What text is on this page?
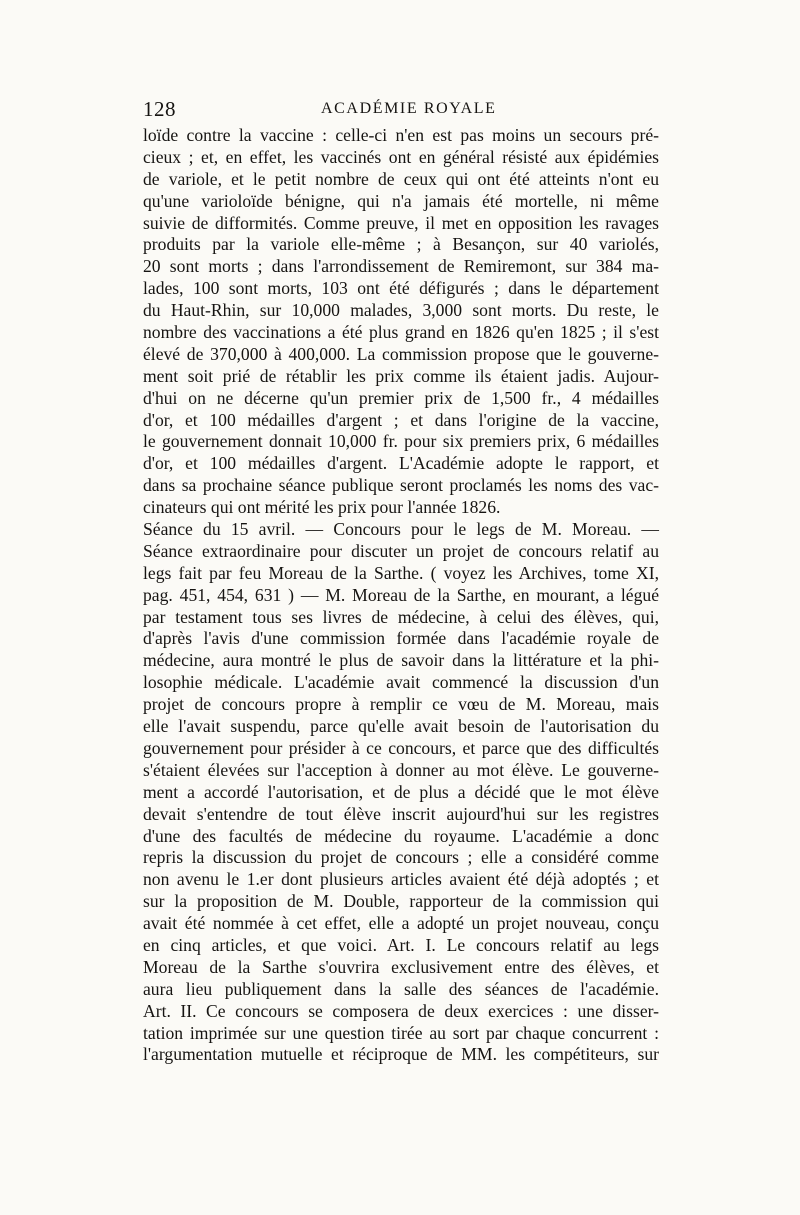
128	ACADÉMIE ROYALE
loïde contre la vaccine : celle-ci n'en est pas moins un secours pré-
cieux ; et, en effet, les vaccinés ont en général résisté aux épidémies
de variole, et le petit nombre de ceux qui ont été atteints n'ont eu
qu'une varioloïde bénigne, qui n'a jamais été mortelle, ni même
suivie de difformités. Comme preuve, il met en opposition les ravages
produits par la variole elle-même ; à Besançon, sur 40 variolés,
20 sont morts ; dans l'arrondissement de Remiremont, sur 384 ma-
lades, 100 sont morts, 103 ont été défigurés ; dans le département
du Haut-Rhin, sur 10,000 malades, 3,000 sont morts. Du reste, le
nombre des vaccinations a été plus grand en 1826 qu'en 1825 ; il s'est
élevé de 370,000 à 400,000. La commission propose que le gouverne-
ment soit prié de rétablir les prix comme ils étaient jadis. Aujour-
d'hui on ne décerne qu'un premier prix de 1,500 fr., 4 médailles
d'or, et 100 médailles d'argent ; et dans l'origine de la vaccine,
le gouvernement donnait 10,000 fr. pour six premiers prix, 6 médailles
d'or, et 100 médailles d'argent. L'Académie adopte le rapport, et
dans sa prochaine séance publique seront proclamés les noms des vac-
cinateurs qui ont mérité les prix pour l'année 1826.
Séance du 15 avril. — Concours pour le legs de M. Moreau. —
Séance extraordinaire pour discuter un projet de concours relatif au
legs fait par feu Moreau de la Sarthe. ( voyez les Archives, tome XI,
pag. 451, 454, 631 ) — M. Moreau de la Sarthe, en mourant, a légué
par testament tous ses livres de médecine, à celui des élèves, qui,
d'après l'avis d'une commission formée dans l'académie royale de
médecine, aura montré le plus de savoir dans la littérature et la phi-
losophie médicale. L'académie avait commencé la discussion d'un
projet de concours propre à remplir ce vœu de M. Moreau, mais
elle l'avait suspendu, parce qu'elle avait besoin de l'autorisation du
gouvernement pour présider à ce concours, et parce que des difficultés
s'étaient élevées sur l'acception à donner au mot élève. Le gouverne-
ment a accordé l'autorisation, et de plus a décidé que le mot élève
devait s'entendre de tout élève inscrit aujourd'hui sur les registres
d'une des facultés de médecine du royaume. L'académie a donc
repris la discussion du projet de concours ; elle a considéré comme
non avenu le 1.er dont plusieurs articles avaient été déjà adoptés ; et
sur la proposition de M. Double, rapporteur de la commission qui
avait été nommée à cet effet, elle a adopté un projet nouveau, conçu
en cinq articles, et que voici. Art. I. Le concours relatif au legs
Moreau de la Sarthe s'ouvrira exclusivement entre des élèves, et
aura lieu publiquement dans la salle des séances de l'académie.
Art. II. Ce concours se composera de deux exercices : une disser-
tation imprimée sur une question tirée au sort par chaque concurrent :
l'argumentation mutuelle et réciproque de MM. les compétiteurs, sur
